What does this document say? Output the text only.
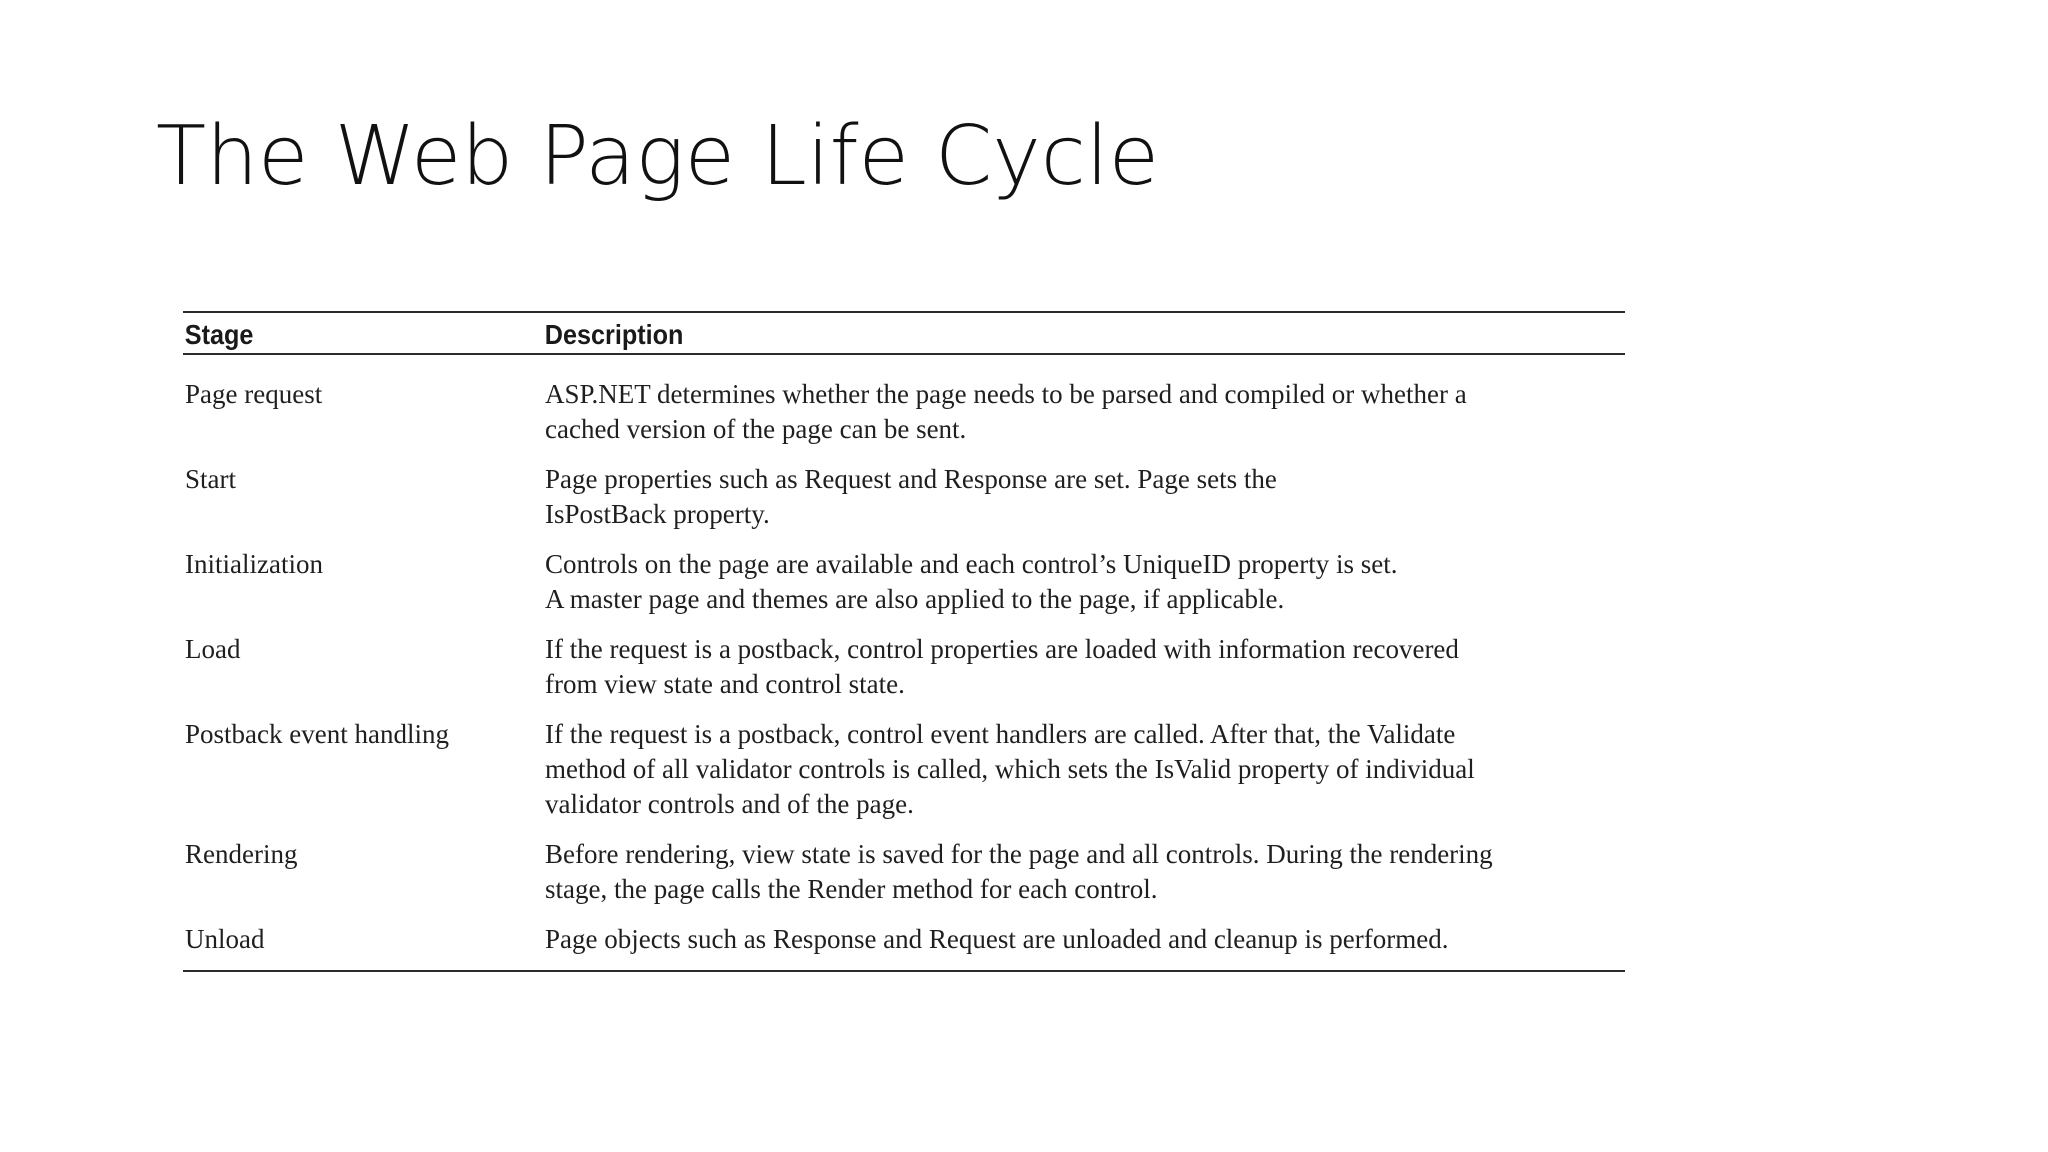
The Web Page Life Cycle
Stage	Description
Page request	ASP.NET determines whether the page needs to be parsed and compiled or whether a
cached version of the page can be sent.
Start	Page properties such as Request and Response are set. Page sets the
IsPostBack property.
Initialization	Controls on the page are available and each control’s UniqueID property is set.
A master page and themes are also applied to the page, if applicable.
Load	If the request is a postback, control properties are loaded with information recovered
from view state and control state.
Postback event handling	If the request is a postback, control event handlers are called. After that, the Validate
method of all validator controls is called, which sets the IsValid property of individual
validator controls and of the page.
Rendering	Before rendering, view state is saved for the page and all controls. During the rendering
stage, the page calls the Render method for each control.
Unload	Page objects such as Response and Request are unloaded and cleanup is performed.
